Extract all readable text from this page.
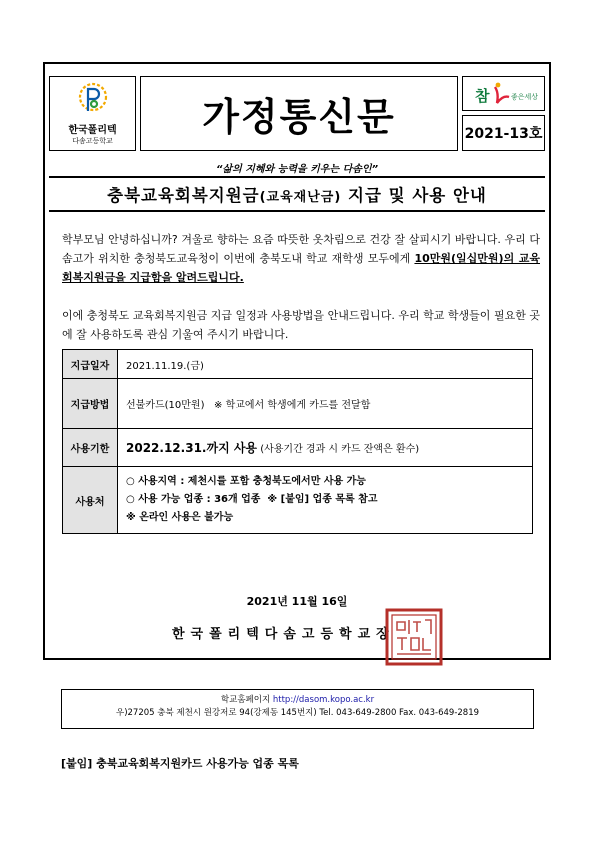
한국폴리텍
다솜고등학교
가정통신문	참	좋은세상
2021-13호
“삶의 지혜와 능력을 키우는 다솜인”
충북교육회복지원금(교육재난금) 지급 및 사용 안내
학부모님 안녕하십니까? 겨울로 향하는 요즘 따뜻한 옷차림으로 건강 잘 살피시기 바랍니다. 우리 다솜고가 위치한 충청북도교육청이 이번에 충북도내 학교 재학생 모두에게 10만원(일십만원)의 교육회복지원금을 지급함을 알려드립니다.
이에 충청북도 교육회복지원금 지급 일정과 사용방법을 안내드립니다. 우리 학교 학생들이 필요한 곳에 잘 사용하도록 관심 기울여 주시기 바랍니다.
지급일자	2021.11.19.(금)
지급방법	선불카드(10만원)   ※ 학교에서 학생에게 카드를 전달함
사용기한	2022.12.31.까지 사용 (사용기간 경과 시 카드 잔액은 환수)
사용처	○ 사용지역 : 제천시를 포함 충청북도에서만 사용 가능
○ 사용 가능 업종 : 36개 업종  ※ [붙임] 업종 목록 참고
※ 온라인 사용은 불가능
2021년 11월 16일
한국폴리텍다솜고등학교장
학교홈페이지 http://dasom.kopo.ac.kr
우)27205 충북 제천시 원강저로 94(강제동 145번지) Tel. 043-649-2800 Fax. 043-649-2819
[붙임] 충북교육회복지원카드 사용가능 업종 목록
